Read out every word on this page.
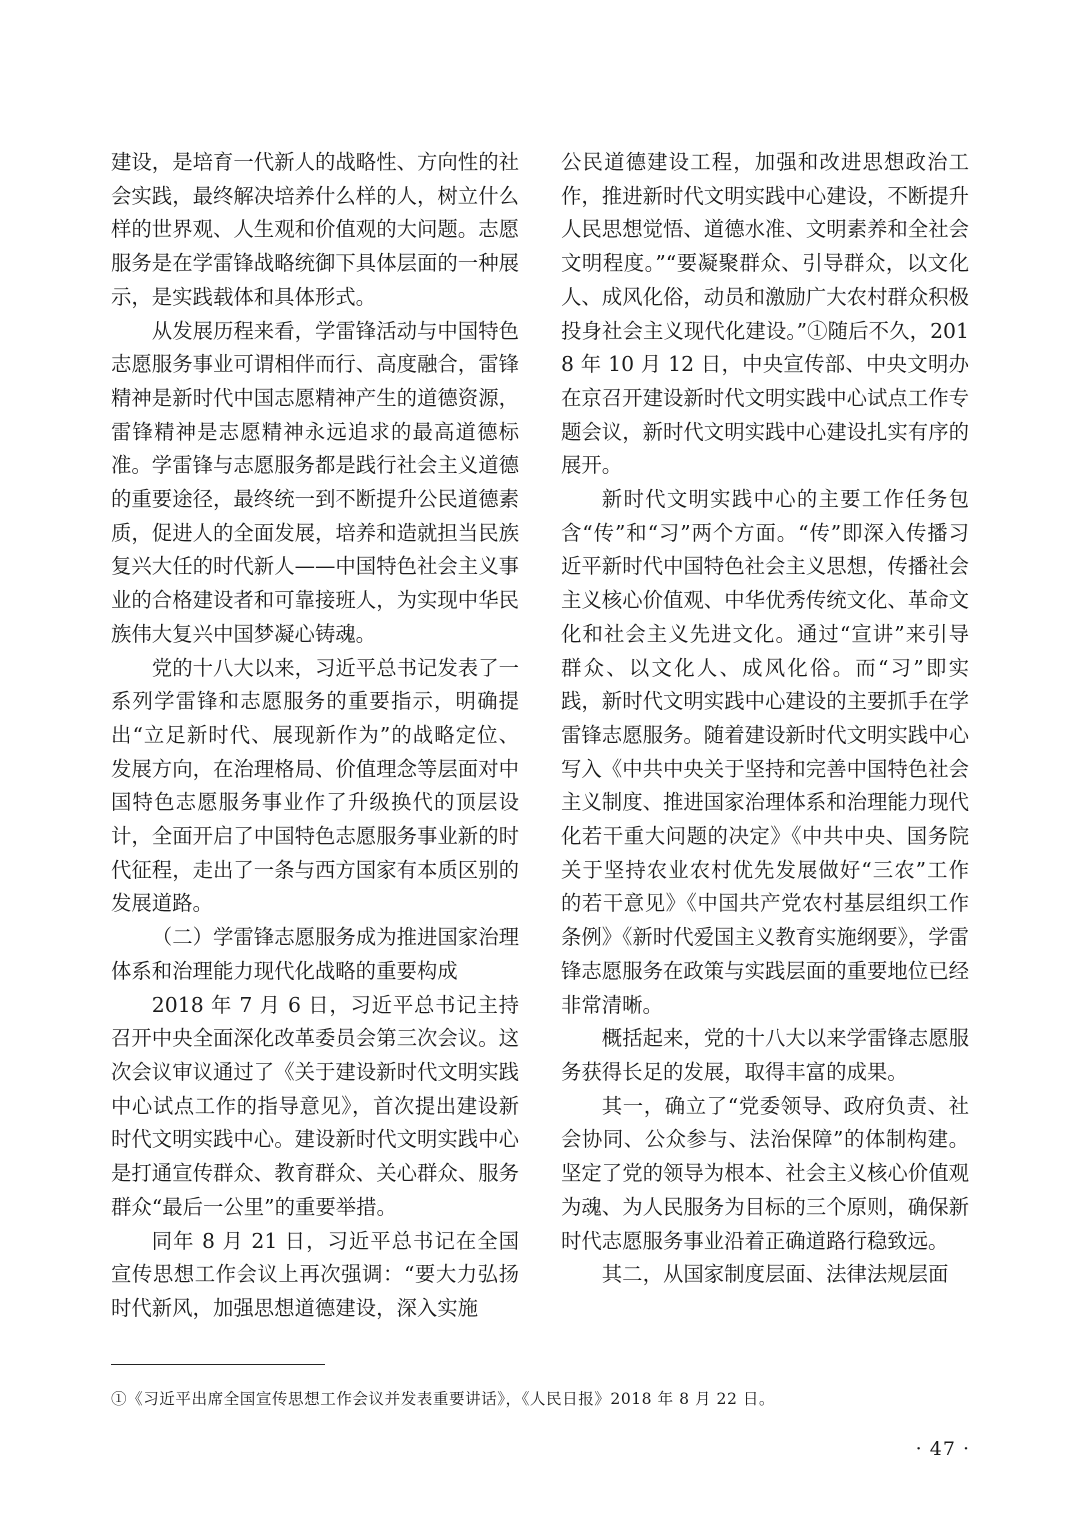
建设，是培育一代新人的战略性、方向性的社会实践，最终解决培养什么样的人，树立什么样的世界观、人生观和价值观的大问题。志愿服务是在学雷锋战略统御下具体层面的一种展示，是实践载体和具体形式。

从发展历程来看，学雷锋活动与中国特色志愿服务事业可谓相伴而行、高度融合，雷锋精神是新时代中国志愿精神产生的道德资源，雷锋精神是志愿精神永远追求的最高道德标准。学雷锋与志愿服务都是践行社会主义道德的重要途径，最终统一到不断提升公民道德素质，促进人的全面发展，培养和造就担当民族复兴大任的时代新人——中国特色社会主义事业的合格建设者和可靠接班人，为实现中华民族伟大复兴中国梦凝心铸魂。

党的十八大以来，习近平总书记发表了一系列学雷锋和志愿服务的重要指示，明确提出“立足新时代、展现新作为”的战略定位、发展方向，在治理格局、价值理念等层面对中国特色志愿服务事业作了升级换代的顶层设计，全面开启了中国特色志愿服务事业新的时代征程，走出了一条与西方国家有本质区别的发展道路。

（二）学雷锋志愿服务成为推进国家治理体系和治理能力现代化战略的重要构成

2018 年 7 月 6 日，习近平总书记主持召开中央全面深化改革委员会第三次会议。这次会议审议通过了《关于建设新时代文明实践中心试点工作的指导意见》，首次提出建设新时代文明实践中心。建设新时代文明实践中心是打通宣传群众、教育群众、关心群众、服务群众“最后一公里”的重要举措。

同年 8 月 21 日，习近平总书记在全国宣传思想工作会议上再次强调：“要大力弘扬时代新风，加强思想道德建设，深入实施

公民道德建设工程，加强和改进思想政治工作，推进新时代文明实践中心建设，不断提升人民思想觉悟、道德水准、文明素养和全社会文明程度。”“要凝聚群众、引导群众，以文化人、成风化俗，动员和激励广大农村群众积极投身社会主义现代化建设。”①随后不久，2018 年 10 月 12 日，中央宣传部、中央文明办在京召开建设新时代文明实践中心试点工作专题会议，新时代文明实践中心建设扎实有序的展开。

新时代文明实践中心的主要工作任务包含“传”和“习”两个方面。“传”即深入传播习近平新时代中国特色社会主义思想，传播社会主义核心价值观、中华优秀传统文化、革命文化和社会主义先进文化。通过“宣讲”来引导群众、以文化人、成风化俗。而“习”即实践，新时代文明实践中心建设的主要抓手在学雷锋志愿服务。随着建设新时代文明实践中心写入《中共中央关于坚持和完善中国特色社会主义制度、推进国家治理体系和治理能力现代化若干重大问题的决定》《中共中央、国务院关于坚持农业农村优先发展做好“三农”工作的若干意见》《中国共产党农村基层组织工作条例》《新时代爱国主义教育实施纲要》，学雷锋志愿服务在政策与实践层面的重要地位已经非常清晰。

概括起来，党的十八大以来学雷锋志愿服务获得长足的发展，取得丰富的成果。

其一，确立了“党委领导、政府负责、社会协同、公众参与、法治保障”的体制构建。坚定了党的领导为根本、社会主义核心价值观为魂、为人民服务为目标的三个原则，确保新时代志愿服务事业沿着正确道路行稳致远。

其二，从国家制度层面、法律法规层面

①《习近平出席全国宣传思想工作会议并发表重要讲话》，《人民日报》2018 年 8 月 22 日。

· 47 ·
